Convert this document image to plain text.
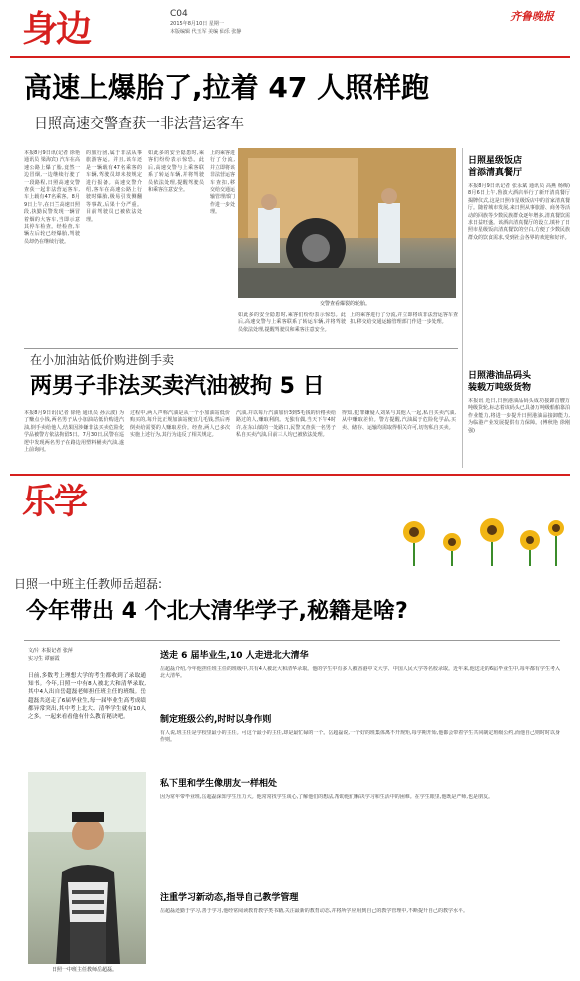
身边	C04
2015年8月10日 星期一
本版编辑 代玉军 美编 仙乐 张静
齐鲁晚报
高速上爆胎了,拉着 47 人照样跑
日照高速交警查获一非法营运客车
本报8月9日讯(记者 徐艳 通讯员 梁海宾) 汽车在高速公路上爆了胎,竟然一边冒烟,一边继续行驶了一段路程,日照高速交警查获一起非法营运客车,车上载有47名乘客。8月9日上午,在日兰高速日照段,执勤民警发现一辆冒着烟的大客车,当即示意其停车检查。经检查,车辆左后轮已经爆胎,驾驶员却仍在继续行驶。
的旅行团,属于非法从事旅游客运。并且,该车还是一辆载有47名乘客的车辆,驾驶员却未按规定进行报备。高速交警介绍,客车在高速公路上行驶时爆胎,极易引发侧翻等事故,后果十分严重。目前驾驶员已被依法处理。
如此多的安全隐患时,乘客们纷纷表示惊恐。此后,高速交警与上乘客联系了转运车辆,并将驾驶员依法处理,提醒驾驶员和乘客注意安全。
上的乘客进行了分流,并立即将该非法营运客车查扣,移交给交通运输管理部门作进一步处理。
交警查看爆裂的轮胎。
如此多的安全隐患时,乘客们纷纷表示惊恐。此后,高速交警与上乘客联系了转运车辆,并将驾驶员依法处理,提醒驾驶员和乘客注意安全。
上的乘客进行了分流,并立即将该非法营运客车查扣,移交给交通运输管理部门作进一步处理。
日照星级饭店
首添清真餐厅
本报8月9日讯记者 张永斌 通讯员 高燕 杨梅) 8月6日上午,鲁波大酒店举行了新开清真餐厅揭牌仪式,这是日照市星级饭店中的首家清真餐厅。随着城市发展,来日照从事旅游、商务等活动的回族等少数民族群众逐年增多,清真餐饮需求日益旺盛。该酒店清真餐厅的设立,填补了日照市星级饭店清真餐饮的空白,方便了少数民族群众的饮食需求,受到社会各界的欢迎和好评。
在小加油站低价购进倒手卖
两男子非法买卖汽油被拘 5 日
本报8月9日讯(记者 徐艳 通讯员 孙云波) 为了赚点小钱,两名男子从小加油站低价购进汽油,倒手卖给他人,结果因涉嫌非法买卖危险化学品被警方依法拘留5日。7月30日,民警在巡逻中发现两名男子在路边用塑料桶卖汽油,遂上前询问。
过程中,两人声称汽油是从一个小加油站低价购买的,每升比正规加油站便宜几毛钱,然后再倒卖给需要的人赚取差价。经查,两人已多次实施上述行为,其行为违反了相关规定。
汽油,并以每斤汽油加价3到5毛钱的价格卖给路过的人,赚取利润。无独有偶,当天下午4时许,在东山镇的一处路口,民警又查获一名男子私自买卖汽油,目前三人均已被依法处理。
得知,犯罪嫌疑人刘某与其他人一起,私自买卖汽油,从中赚取差价。警方提醒,汽油属于危险化学品,买卖、储存、运输均需取得相关许可,切勿私自买卖。
日照港油品码头
装载万吨级货物
本报讯 近日,日照港油品码头成功接卸首艘万吨级货轮,标志着该码头已具备万吨级船舶靠泊作业能力,将进一步提升日照港油品接卸能力,为临港产业发展提供有力保障。(傅秋艳 徐刚强)
乐学
日照一中班主任教师岳超磊:
今年带出 4 个北大清华学子,秘籍是啥?
文/片 本报记者 张萍
实习生 谭丽霞
日前,多数考上理想大学的考生都收到了录取通知书。今年,日照一中有8人被北大和清华录取,其中4人出自岳超磊老师担任班主任的班级。岳超磊共送走了6届毕业生,每一届毕业生高考成绩都异常突出,其中考上北大、清华学生就有10人之多。一起来看看他有什么教育秘诀吧。
日照一中班主任教师岳超磊。
送走 6 届毕业生,10 人走进北大清华
岳超磊介绍,今年他担任班主任的班级中,共有4人被北大和清华录取。他的学生中有多人被香港中文大学、中国人民大学等名校录取。近年来,他送走的6届毕业生中,每年都有学生考入北大清华。
制定班级公约,时时以身作则
有人说,班主任是学校里最小的主任。可这个最小的主任,却是最忙碌的一个。岳超磊说,一个好的班集体离不开规矩,每学期开始,他都会带着学生共同制定班级公约,而他自己则时时以身作则。
私下里和学生像朋友一样相处
因为常年带毕业班,岳超磊深知学生压力大。他常常找学生谈心,了解他们的想法,帮助他们解决学习和生活中的困难。在学生眼里,他既是严师,也是朋友。
注重学习新动态,指导自己教学管理
岳超磊还勤于学习,善于学习,他经常阅读教育教学类书籍,关注最新的教育动态,并将所学应用到自己的教学管理中,不断提升自己的教学水平。
